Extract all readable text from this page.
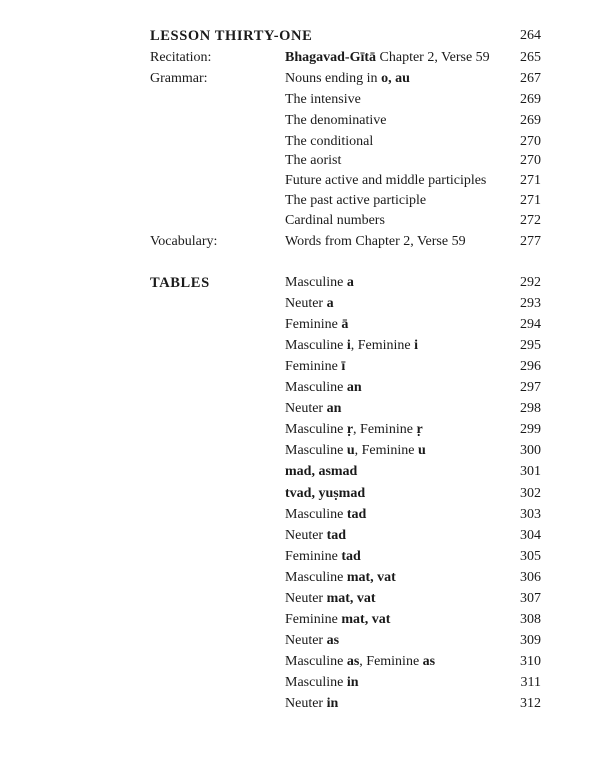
LESSON THIRTY-ONE	264
Recitation:	Bhagavad-Gītā Chapter 2, Verse 59 265
Grammar:	Nouns ending in o, au	267
The intensive	269
The denominative	269
The conditional	270
The aorist	270
Future active and middle participles 271
The past active participle	271
Cardinal numbers	272
Vocabulary:	Words from Chapter 2, Verse 59	277
TABLES	Masculine a	292
Neuter a	293
Feminine ā	294
Masculine i, Feminine i	295
Feminine ī	296
Masculine an	297
Neuter an	298
Masculine ṛ, Feminine ṛ	299
Masculine u, Feminine u	300
mad, asmad	301
tvad, yuṣmad	302
Masculine tad	303
Neuter tad	304
Feminine tad	305
Masculine mat, vat	306
Neuter mat, vat	307
Feminine mat, vat	308
Neuter as	309
Masculine as, Feminine as	310
Masculine in	311
Neuter in	312
